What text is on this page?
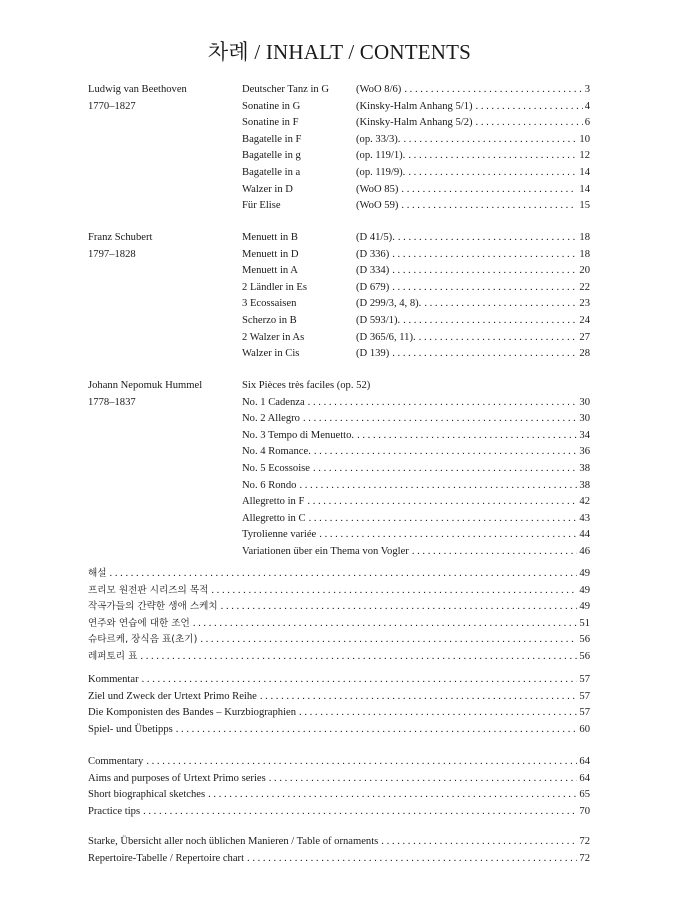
차례 / INHALT / CONTENTS
Ludwig van Beethoven	Deutscher Tanz in G	(WoO 8/6) . . .	3
1770–1827	Sonatine in G	(Kinsky-Halm Anhang 5/1) . . .	4
Sonatine in F	(Kinsky-Halm Anhang 5/2) . . .	6
Bagatelle in F	(op. 33/3). . . .	10
Bagatelle in g	(op. 119/1). . . .	12
Bagatelle in a	(op. 119/9). . . .	14
Walzer in D	(WoO 85) . . .	14
Für Elise	(WoO 59) . . .	15
Franz Schubert	Menuett in B	(D 41/5). . . .	18
1797–1828	Menuett in D	(D 336) . . .	18
Menuett in A	(D 334) . . .	20
2 Ländler in Es	(D 679) . . .	22
3 Ecossaisen	(D 299/3, 4, 8). . . .	23
Scherzo in B	(D 593/1). . . .	24
2 Walzer in As	(D 365/6, 11). . . .	27
Walzer in Cis	(D 139) . . .	28
Johann Nepomuk Hummel	Six Pièces très faciles (op. 52)
1778–1837	No. 1 Cadenza . . .	30
No. 2 Allegro . . .	30
No. 3 Tempo di Menuetto. . . .	34
No. 4 Romance. . . .	36
No. 5 Ecossoise . . .	38
No. 6 Rondo . . .	38
Allegretto in F . . .	42
Allegretto in C . . .	43
Tyrolienne variée . . .	44
Variationen über ein Thema von Vogler . . .	46
해설 . . .	49
프리모 원전판 시리즈의 목적 . . .	49
작곡가들의 간략한 생애 스케치 . . .	49
연주와 연습에 대한 조언 . . .	51
슈타르케, 장식음 표(초기) . . .	56
레퍼토리 표 . . .	56
Kommentar . . .	57
Ziel und Zweck der Urtext Primo Reihe . . .	57
Die Komponisten des Bandes – Kurzbiographien . . .	57
Spiel- und Übetipps . . .	60
Commentary . . .	64
Aims and purposes of Urtext Primo series . . .	64
Short biographical sketches . . .	65
Practice tips . . .	70
Starke, Übersicht aller noch üblichen Manieren / Table of ornaments . . .	72
Repertoire-Tabelle / Repertoire chart . . .	72
